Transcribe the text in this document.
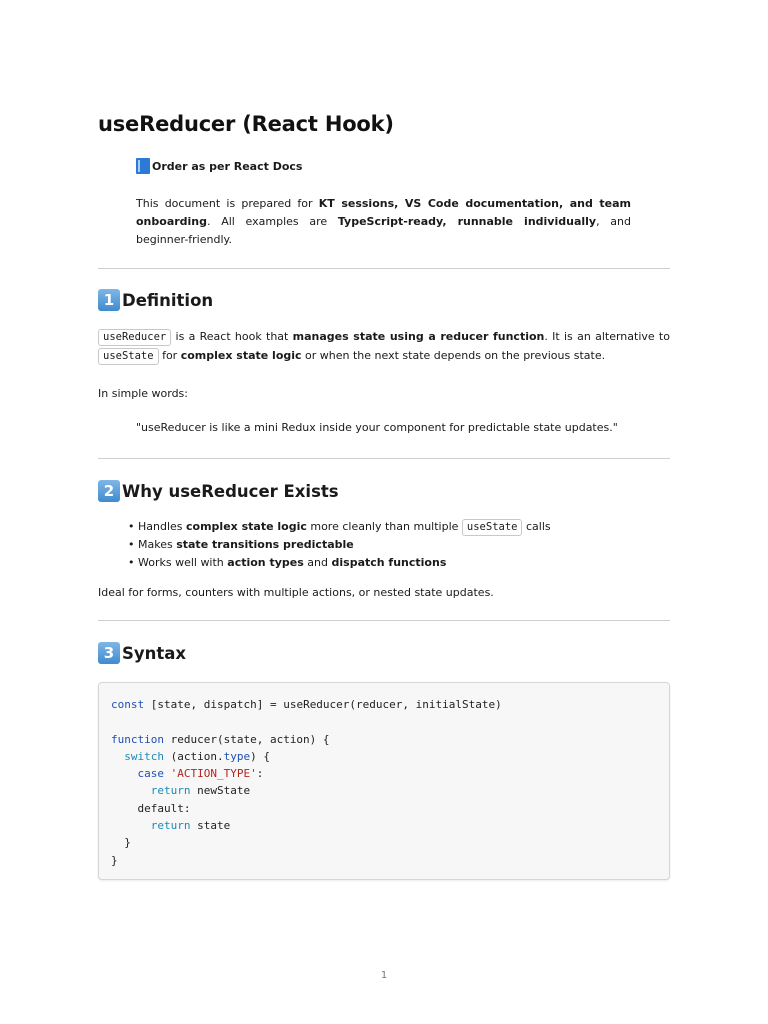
useReducer (React Hook)
Order as per React Docs
This document is prepared for KT sessions, VS Code documentation, and team onboarding. All examples are TypeScript-ready, runnable individually, and beginner-friendly.
1 Definition
useReducer is a React hook that manages state using a reducer function. It is an alternative to useState for complex state logic or when the next state depends on the previous state.
In simple words:
"useReducer is like a mini Redux inside your component for predictable state updates."
2 Why useReducer Exists
• Handles complex state logic more cleanly than multiple useState calls
• Makes state transitions predictable
• Works well with action types and dispatch functions
Ideal for forms, counters with multiple actions, or nested state updates.
3 Syntax
const [state, dispatch] = useReducer(reducer, initialState)

function reducer(state, action) {
switch (action.type) {
case 'ACTION_TYPE':
return newState
default:
return state
}
}
1
